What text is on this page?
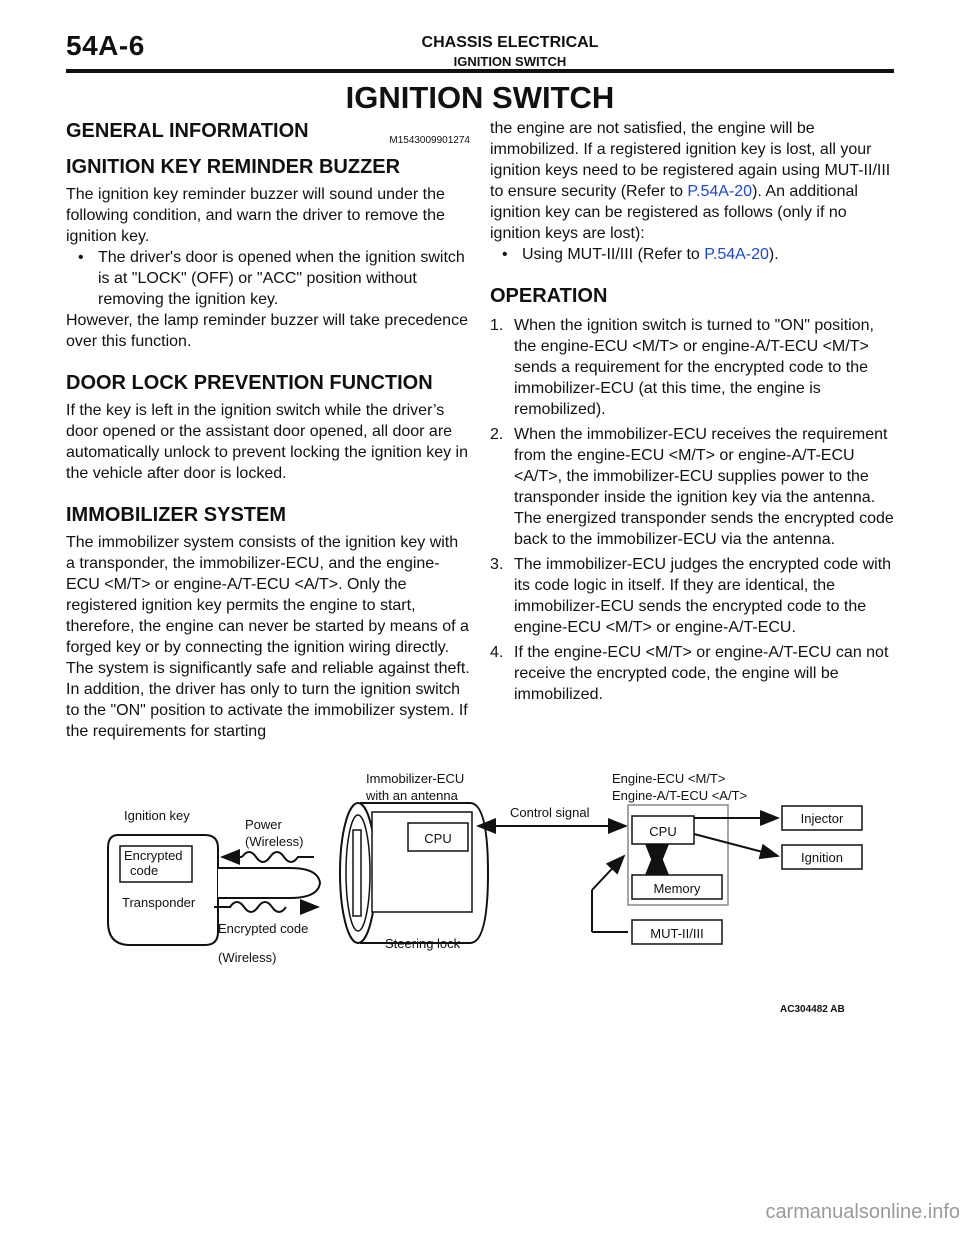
54A-6	CHASSIS ELECTRICAL
IGNITION SWITCH
IGNITION SWITCH
GENERAL INFORMATION	M1543009901274
IGNITION KEY REMINDER BUZZER

The ignition key reminder buzzer will sound under the following condition, and warn the driver to remove the ignition key.

• The driver's door is opened when the ignition switch is at "LOCK" (OFF) or "ACC" position without removing the ignition key.

However, the lamp reminder buzzer will take precedence over this function.

DOOR LOCK PREVENTION FUNCTION

If the key is left in the ignition switch while the driver’s door opened or the assistant door opened, all door are automatically unlock to prevent locking the ignition key in the vehicle after door is locked.

IMMOBILIZER SYSTEM

The immobilizer system consists of the ignition key with a transponder, the immobilizer-ECU, and the engine-ECU <M/T> or engine-A/T-ECU <A/T>. Only the registered ignition key permits the engine to start, therefore, the engine can never be started by means of a forged key or by connecting the ignition wiring directly. The system is significantly safe and reliable against theft. In addition, the driver has only to turn the ignition switch to the "ON" position to activate the immobilizer system. If the requirements for starting

the engine are not satisfied, the engine will be immobilized. If a registered ignition key is lost, all your ignition keys need to be registered again using MUT-II/III to ensure security (Refer to P.54A-20). An additional ignition key can be registered as follows (only if no ignition keys are lost):

• Using MUT-II/III (Refer to P.54A-20).

OPERATION

1. When the ignition switch is turned to "ON" position, the engine-ECU <M/T> or engine-A/T-ECU <M/T> sends a requirement for the encrypted code to the immobilizer-ECU (at this time, the engine is remobilized).

2. When the immobilizer-ECU receives the requirement from the engine-ECU <M/T> or engine-A/T-ECU <A/T>, the immobilizer-ECU supplies power to the transponder inside the ignition key via the antenna. The energized transponder sends the encrypted code back to the immobilizer-ECU via the antenna.

3. The immobilizer-ECU judges the encrypted code with its code logic in itself. If they are identical, the immobilizer-ECU sends the encrypted code to the engine-ECU <M/T> or engine-A/T-ECU.

4. If the engine-ECU <M/T> or engine-A/T-ECU can not receive the encrypted code, the engine will be immobilized.

Ignition key
Encrypted
code
Transponder
Power
(Wireless)
Encrypted code
(Wireless)
Immobilizer-ECU
with an antenna
CPU
Steering lock
Control signal
Engine-ECU <M/T>
Engine-A/T-ECU <A/T>
CPU
Memory
MUT-II/III
Injector
Ignition
AC304482 AB
carmanualsonline.info
